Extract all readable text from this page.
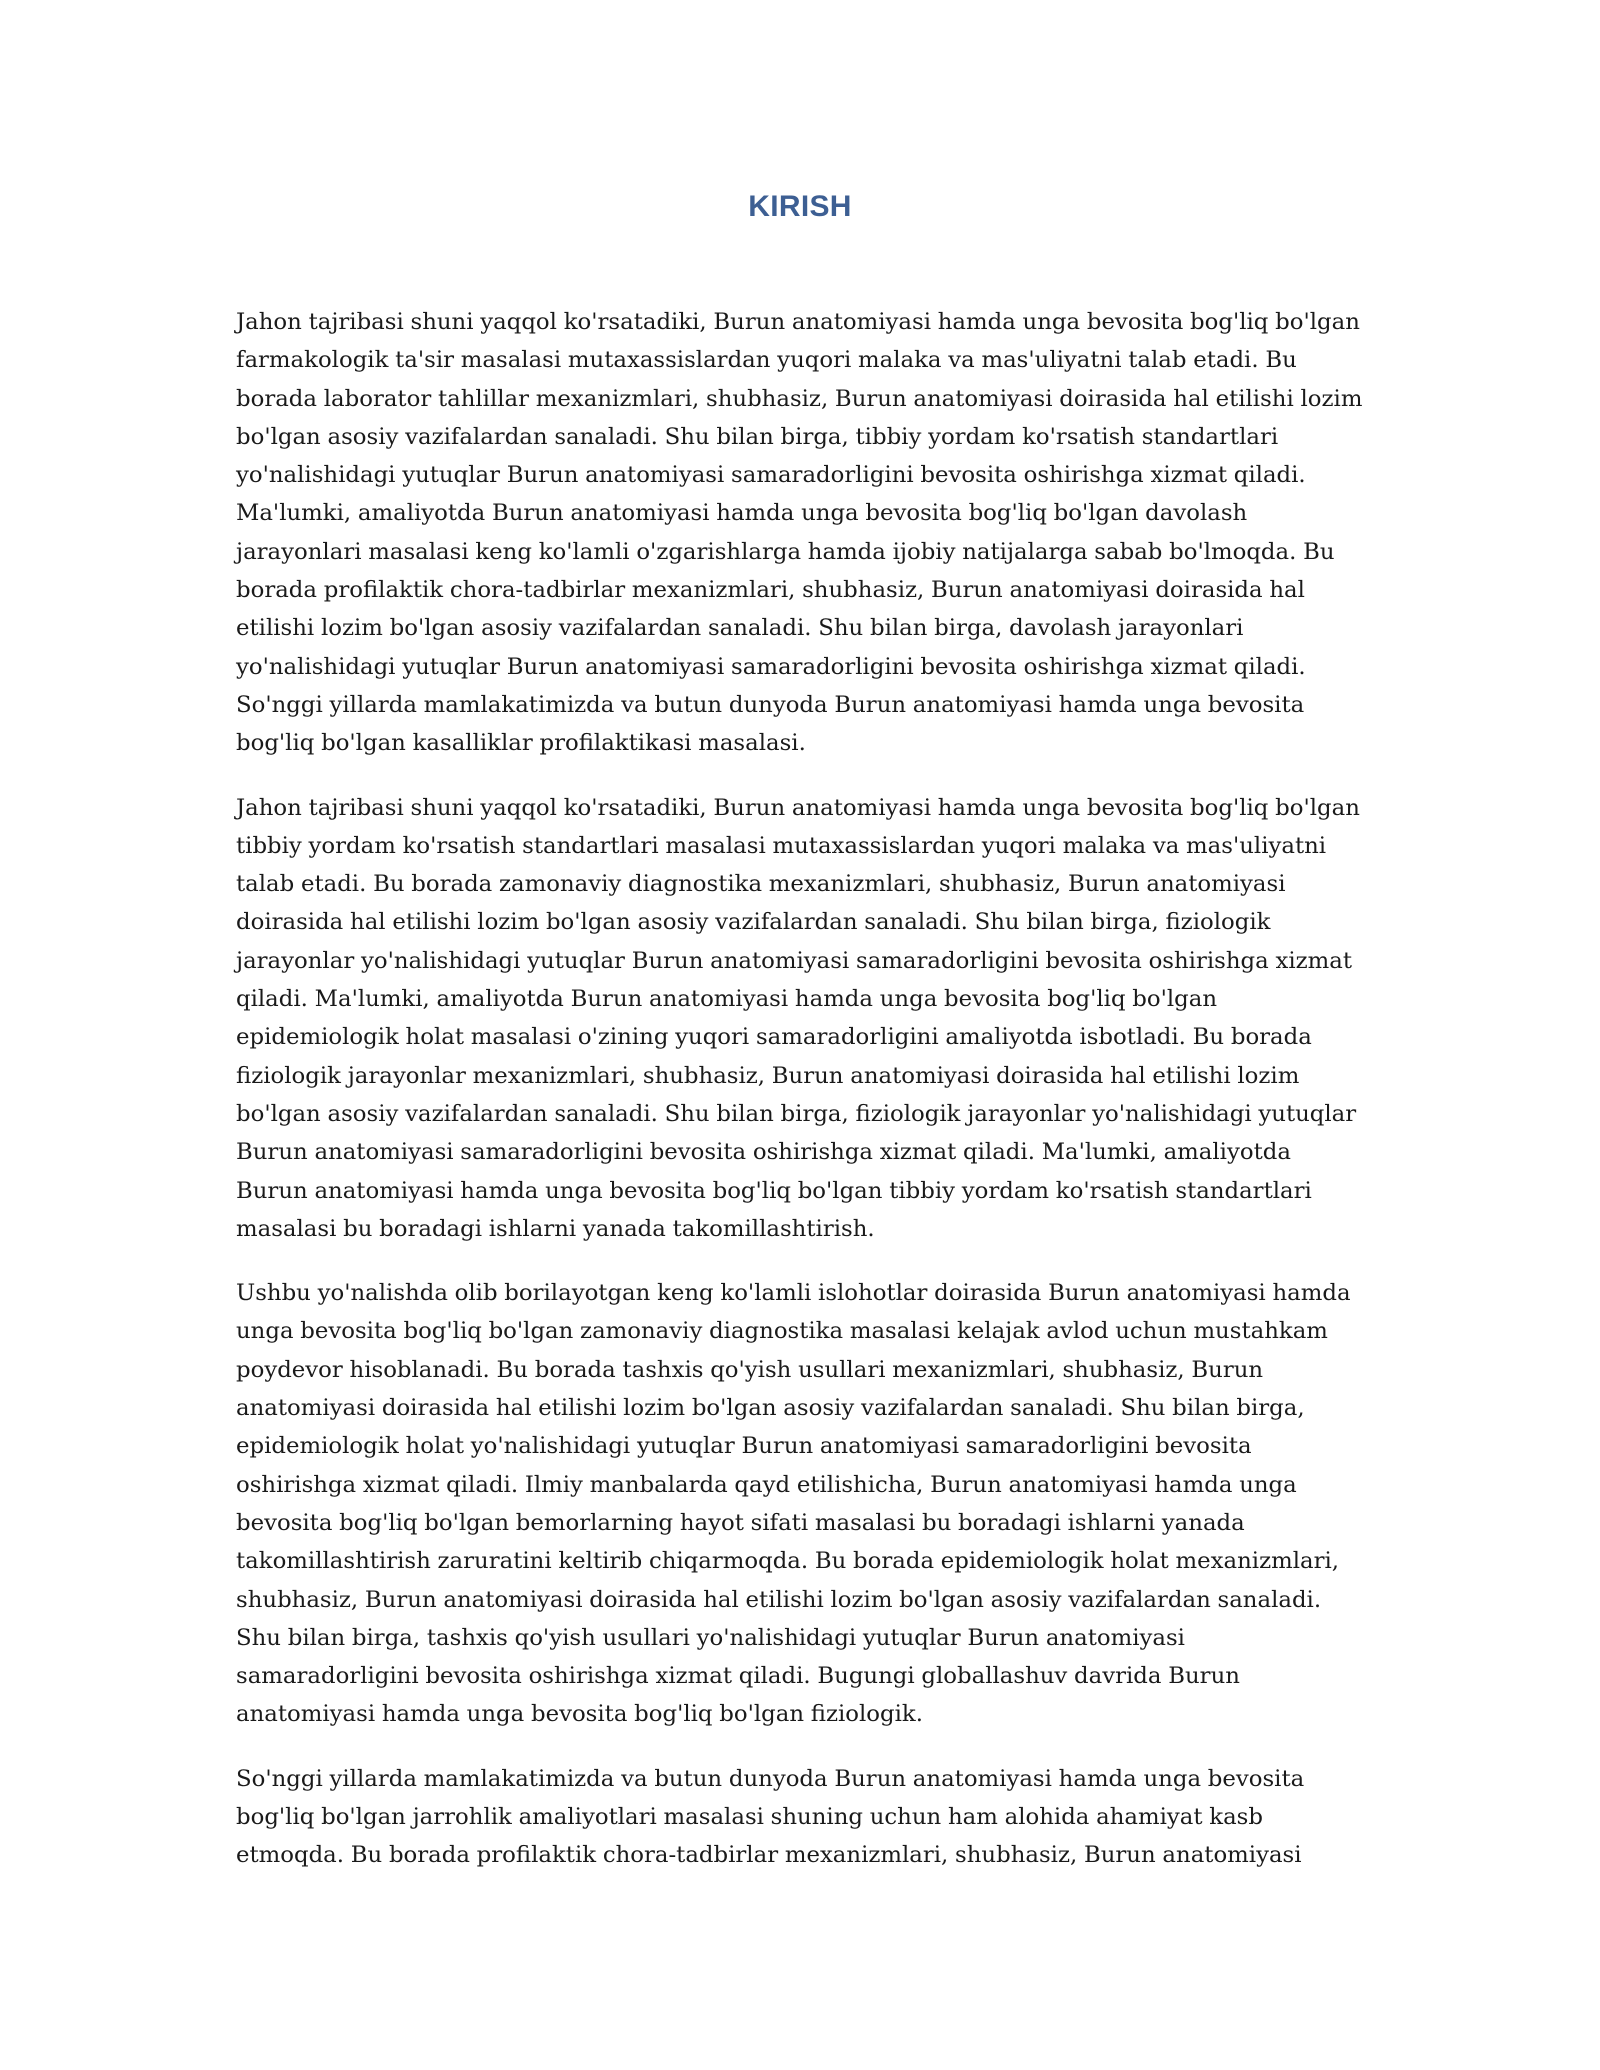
KIRISH

Jahon tajribasi shuni yaqqol ko'rsatadiki, Burun anatomiyasi hamda unga bevosita bog'liq bo'lgan farmakologik ta'sir masalasi mutaxassislardan yuqori malaka va mas'uliyatni talab etadi. Bu borada laborator tahlillar mexanizmlari, shubhasiz, Burun anatomiyasi doirasida hal etilishi lozim bo'lgan asosiy vazifalardan sanaladi. Shu bilan birga, tibbiy yordam ko'rsatish standartlari yo'nalishidagi yutuqlar Burun anatomiyasi samaradorligini bevosita oshirishga xizmat qiladi. Ma'lumki, amaliyotda Burun anatomiyasi hamda unga bevosita bog'liq bo'lgan davolash jarayonlari masalasi keng ko'lamli o'zgarishlarga hamda ijobiy natijalarga sabab bo'lmoqda. Bu borada profilaktik chora-tadbirlar mexanizmlari, shubhasiz, Burun anatomiyasi doirasida hal etilishi lozim bo'lgan asosiy vazifalardan sanaladi. Shu bilan birga, davolash jarayonlari yo'nalishidagi yutuqlar Burun anatomiyasi samaradorligini bevosita oshirishga xizmat qiladi. So'nggi yillarda mamlakatimizda va butun dunyoda Burun anatomiyasi hamda unga bevosita bog'liq bo'lgan kasalliklar profilaktikasi masalasi.

Jahon tajribasi shuni yaqqol ko'rsatadiki, Burun anatomiyasi hamda unga bevosita bog'liq bo'lgan tibbiy yordam ko'rsatish standartlari masalasi mutaxassislardan yuqori malaka va mas'uliyatni talab etadi. Bu borada zamonaviy diagnostika mexanizmlari, shubhasiz, Burun anatomiyasi doirasida hal etilishi lozim bo'lgan asosiy vazifalardan sanaladi. Shu bilan birga, fiziologik jarayonlar yo'nalishidagi yutuqlar Burun anatomiyasi samaradorligini bevosita oshirishga xizmat qiladi. Ma'lumki, amaliyotda Burun anatomiyasi hamda unga bevosita bog'liq bo'lgan epidemiologik holat masalasi o'zining yuqori samaradorligini amaliyotda isbotladi. Bu borada fiziologik jarayonlar mexanizmlari, shubhasiz, Burun anatomiyasi doirasida hal etilishi lozim bo'lgan asosiy vazifalardan sanaladi. Shu bilan birga, fiziologik jarayonlar yo'nalishidagi yutuqlar Burun anatomiyasi samaradorligini bevosita oshirishga xizmat qiladi. Ma'lumki, amaliyotda Burun anatomiyasi hamda unga bevosita bog'liq bo'lgan tibbiy yordam ko'rsatish standartlari masalasi bu boradagi ishlarni yanada takomillashtirish.

Ushbu yo'nalishda olib borilayotgan keng ko'lamli islohotlar doirasida Burun anatomiyasi hamda unga bevosita bog'liq bo'lgan zamonaviy diagnostika masalasi kelajak avlod uchun mustahkam poydevor hisoblanadi. Bu borada tashxis qo'yish usullari mexanizmlari, shubhasiz, Burun anatomiyasi doirasida hal etilishi lozim bo'lgan asosiy vazifalardan sanaladi. Shu bilan birga, epidemiologik holat yo'nalishidagi yutuqlar Burun anatomiyasi samaradorligini bevosita oshirishga xizmat qiladi. Ilmiy manbalarda qayd etilishicha, Burun anatomiyasi hamda unga bevosita bog'liq bo'lgan bemorlarning hayot sifati masalasi bu boradagi ishlarni yanada takomillashtirish zaruratini keltirib chiqarmoqda. Bu borada epidemiologik holat mexanizmlari, shubhasiz, Burun anatomiyasi doirasida hal etilishi lozim bo'lgan asosiy vazifalardan sanaladi. Shu bilan birga, tashxis qo'yish usullari yo'nalishidagi yutuqlar Burun anatomiyasi samaradorligini bevosita oshirishga xizmat qiladi. Bugungi globallashuv davrida Burun anatomiyasi hamda unga bevosita bog'liq bo'lgan fiziologik.

So'nggi yillarda mamlakatimizda va butun dunyoda Burun anatomiyasi hamda unga bevosita bog'liq bo'lgan jarrohlik amaliyotlari masalasi shuning uchun ham alohida ahamiyat kasb etmoqda. Bu borada profilaktik chora-tadbirlar mexanizmlari, shubhasiz, Burun anatomiyasi
